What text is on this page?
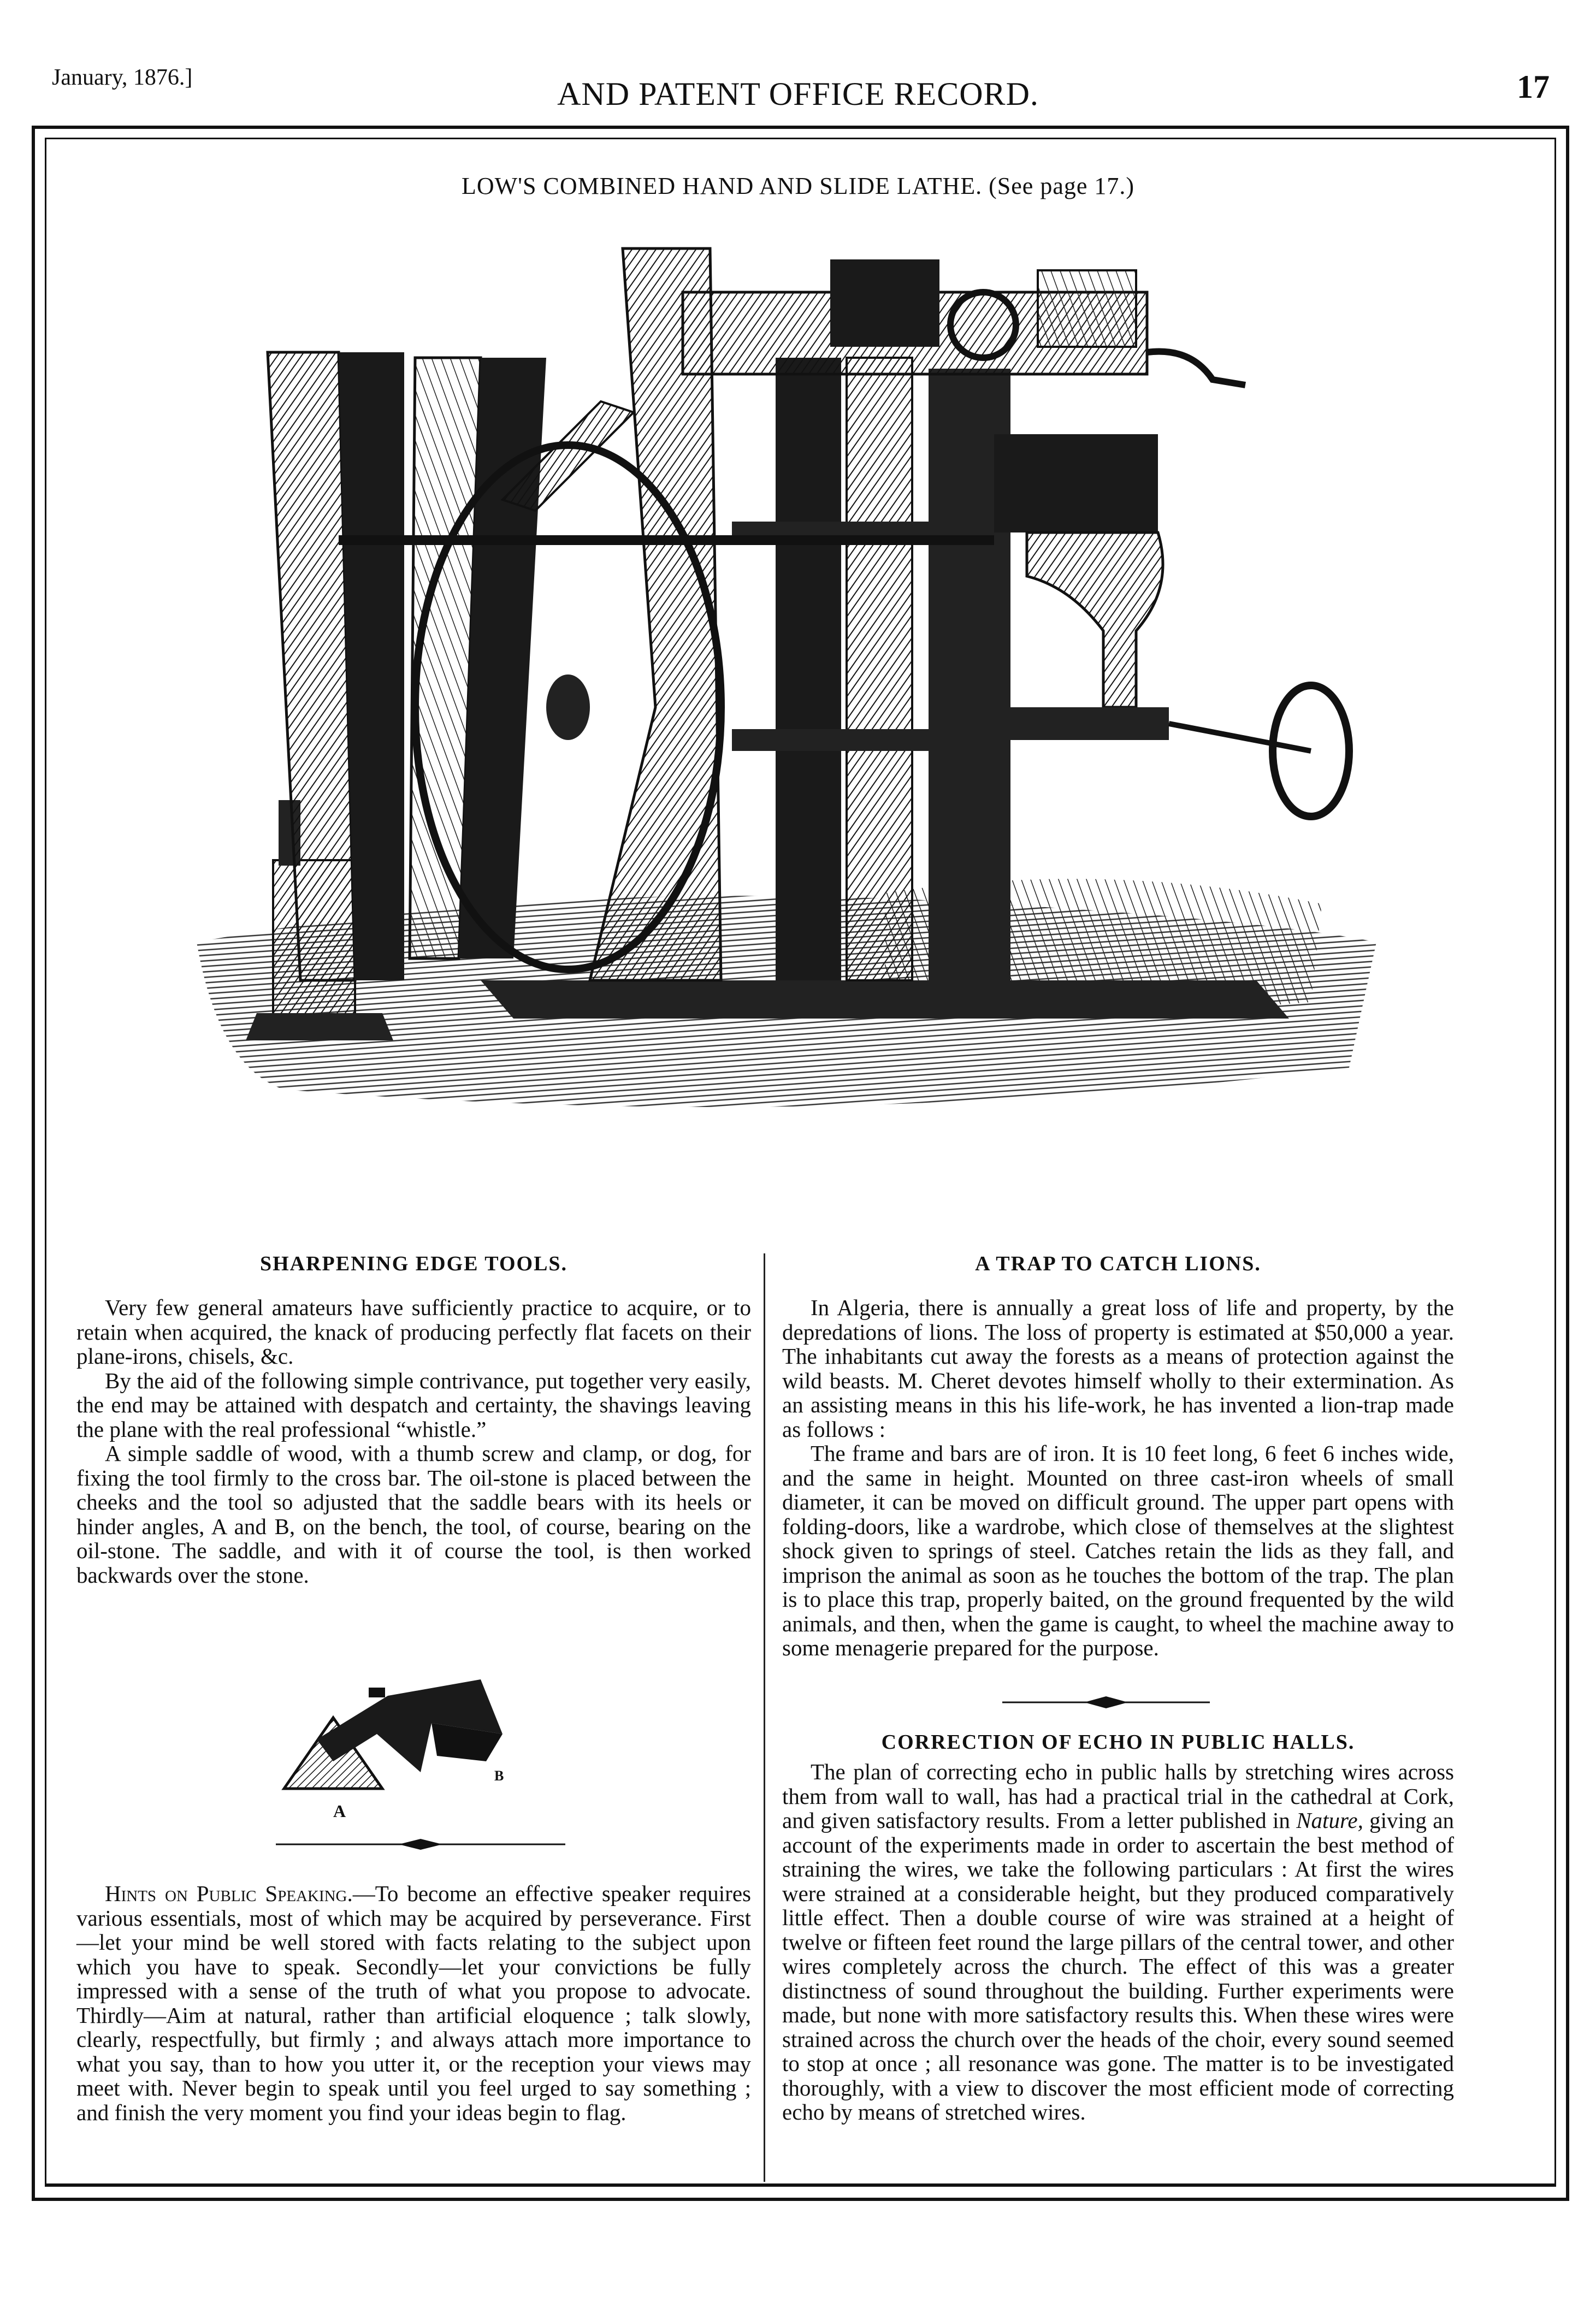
January, 1876.]	AND PATENT OFFICE RECORD.	17
LOW'S COMBINED HAND AND SLIDE LATHE. (See page 17.)
SHARPENING EDGE TOOLS.

Very few general amateurs have sufficiently practice to acquire, or to retain when acquired, the knack of producing perfectly flat facets on their plane-irons, chisels, &c.

By the aid of the following simple contrivance, put together very easily, the end may be attained with despatch and certainty, the shavings leaving the plane with the real professional “whistle.”

A simple saddle of wood, with a thumb screw and clamp, or dog, for fixing the tool firmly to the cross bar. The oil-stone is placed between the cheeks and the tool so adjusted that the saddle bears with its heels or hinder angles, A and B, on the bench, the tool, of course, bearing on the oil-stone. The saddle, and with it of course the tool, is then worked backwards over the stone.

A
B

Hints on Public Speaking.—To become an effective speaker requires various essentials, most of which may be acquired by perseverance. First—let your mind be well stored with facts relating to the subject upon which you have to speak. Secondly—let your convictions be fully impressed with a sense of the truth of what you propose to advocate. Thirdly—Aim at natural, rather than artificial eloquence ; talk slowly, clearly, respectfully, but firmly ; and always attach more importance to what you say, than to how you utter it, or the reception your views may meet with. Never begin to speak until you feel urged to say something ; and finish the very moment you find your ideas begin to flag.

A TRAP TO CATCH LIONS.

In Algeria, there is annually a great loss of life and property, by the depredations of lions. The loss of property is estimated at $50,000 a year. The inhabitants cut away the forests as a means of protection against the wild beasts. M. Cheret devotes himself wholly to their extermination. As an assisting means in this his life-work, he has invented a lion-trap made as follows :

The frame and bars are of iron. It is 10 feet long, 6 feet 6 inches wide, and the same in height. Mounted on three cast-iron wheels of small diameter, it can be moved on difficult ground. The upper part opens with folding-doors, like a wardrobe, which close of themselves at the slightest shock given to springs of steel. Catches retain the lids as they fall, and imprison the animal as soon as he touches the bottom of the trap. The plan is to place this trap, properly baited, on the ground frequented by the wild animals, and then, when the game is caught, to wheel the machine away to some menagerie prepared for the purpose.

CORRECTION OF ECHO IN PUBLIC HALLS.

The plan of correcting echo in public halls by stretching wires across them from wall to wall, has had a practical trial in the cathedral at Cork, and given satisfactory results. From a letter published in Nature, giving an account of the experiments made in order to ascertain the best method of straining the wires, we take the following particulars : At first the wires were strained at a considerable height, but they produced comparatively little effect. Then a double course of wire was strained at a height of twelve or fifteen feet round the large pillars of the central tower, and other wires completely across the church. The effect of this was a greater distinctness of sound throughout the building. Further experiments were made, but none with more satisfactory results this. When these wires were strained across the church over the heads of the choir, every sound seemed to stop at once ; all resonance was gone. The matter is to be investigated thoroughly, with a view to discover the most efficient mode of correcting echo by means of stretched wires.
